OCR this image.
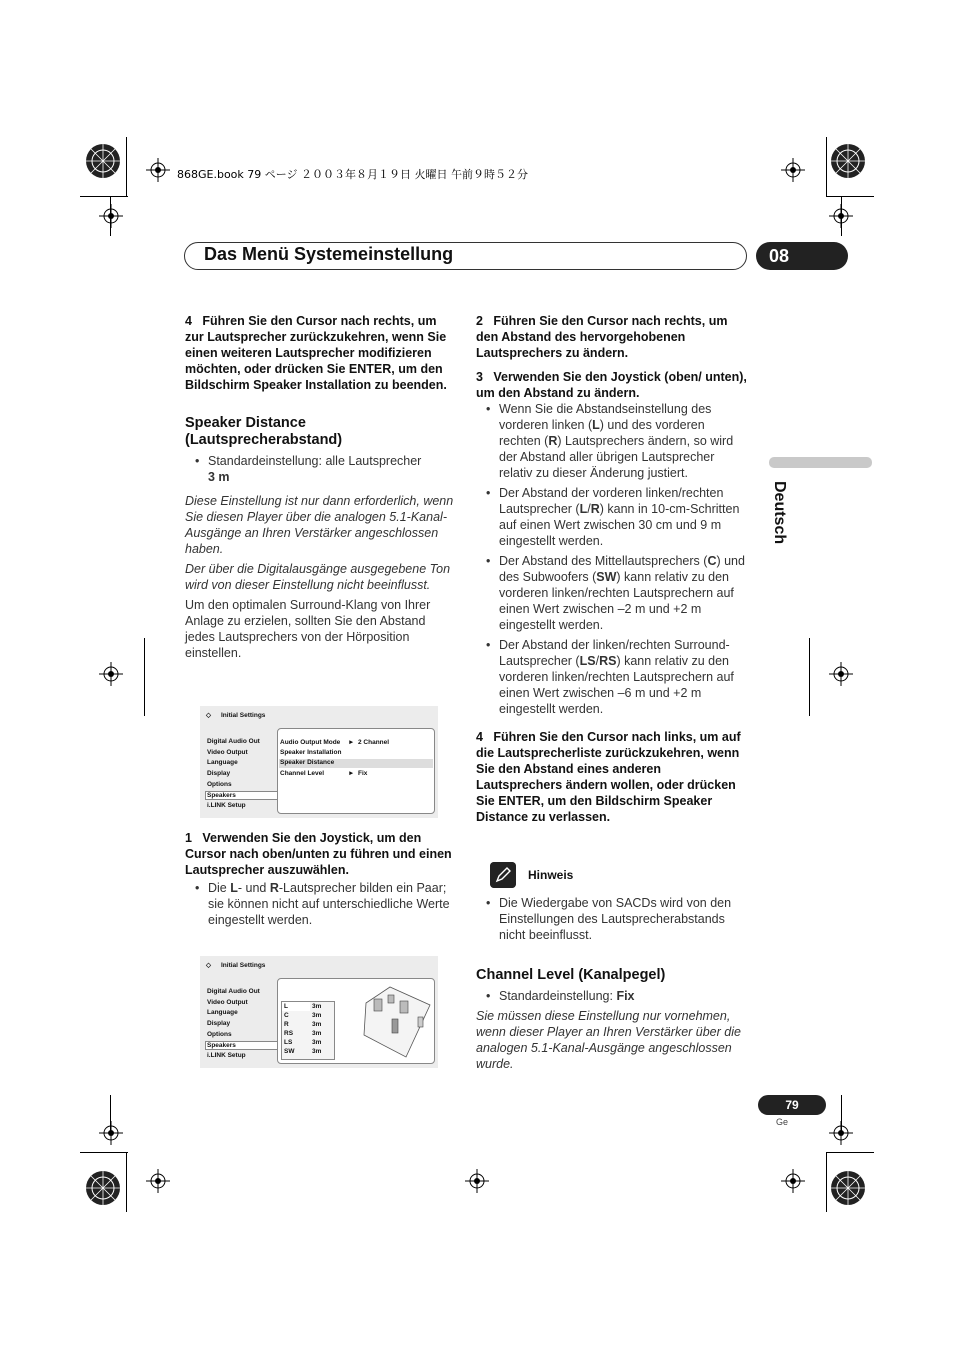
868GE.book 79 ページ ２００３年８月１９日 火曜日 午前９時５２分
Das Menü Systemeinstellung	08
Deutsch

4 Führen Sie den Cursor nach rechts, um zur Lautsprecher zurückzukehren, wenn Sie einen weiteren Lautsprecher modifizieren möchten, oder drücken Sie ENTER, um den Bildschirm Speaker Installation zu beenden.

Speaker Distance
(Lautsprecherabstand)
• Standardeinstellung: alle Lautsprecher
3 m

Diese Einstellung ist nur dann erforderlich, wenn Sie diesen Player über die analogen 5.1-Kanal-Ausgänge an Ihren Verstärker angeschlossen haben.

Der über die Digitalausgänge ausgegebene Ton wird von dieser Einstellung nicht beeinflusst.

Um den optimalen Surround-Klang von Ihrer Anlage zu erzielen, sollten Sie den Abstand jedes Lautsprechers von der Hörposition einstellen.

◇ Initial Settings
Digital Audio Out
Video Output
Language
Display
Options
Speakers
i.LINK Setup
Audio Output Mode ► 2 Channel
Speaker Installation
Speaker Distance
Channel Level	► Fix

1 Verwenden Sie den Joystick, um den Cursor nach oben/unten zu führen und einen Lautsprecher auszuwählen.

• Die L- und R-Lautsprecher bilden ein Paar; sie können nicht auf unterschiedliche Werte eingestellt werden.
◇ Initial Settings
Digital Audio Out
Video Output
Language
Display
Options
Speakers
i.LINK Setup
L	3m
C	3m
R	3m
RS	3m
LS	3m
SW	3m

2 Führen Sie den Cursor nach rechts, um den Abstand des hervorgehobenen Lautsprechers zu ändern.

3 Verwenden Sie den Joystick (oben/ unten), um den Abstand zu ändern.

• Wenn Sie die Abstandseinstellung des vorderen linken (L) und des vorderen rechten (R) Lautsprechers ändern, so wird der Abstand aller übrigen Lautsprecher relativ zu dieser Änderung justiert.
• Der Abstand der vorderen linken/rechten Lautsprecher (L/R) kann in 10-cm-Schritten auf einen Wert zwischen 30 cm und 9 m eingestellt werden.
• Der Abstand des Mittellautsprechers (C) und des Subwoofers (SW) kann relativ zu den vorderen linken/rechten Lautsprechern auf einen Wert zwischen –2 m und +2 m eingestellt werden.
• Der Abstand der linken/rechten Surround-Lautsprecher (LS/RS) kann relativ zu den vorderen linken/rechten Lautsprechern auf einen Wert zwischen –6 m und +2 m eingestellt werden.

4 Führen Sie den Cursor nach links, um auf die Lautsprecherliste zurückzukehren, wenn Sie den Abstand eines anderen Lautsprechers ändern wollen, oder drücken Sie ENTER, um den Bildschirm Speaker Distance zu verlassen.

Hinweis
• Die Wiedergabe von SACDs wird von den Einstellungen des Lautsprecherabstands nicht beeinflusst.
Channel Level (Kanalpegel)
• Standardeinstellung: Fix

Sie müssen diese Einstellung nur vornehmen, wenn dieser Player an Ihren Verstärker über die analogen 5.1-Kanal-Ausgänge angeschlossen wurde.

79
Ge
